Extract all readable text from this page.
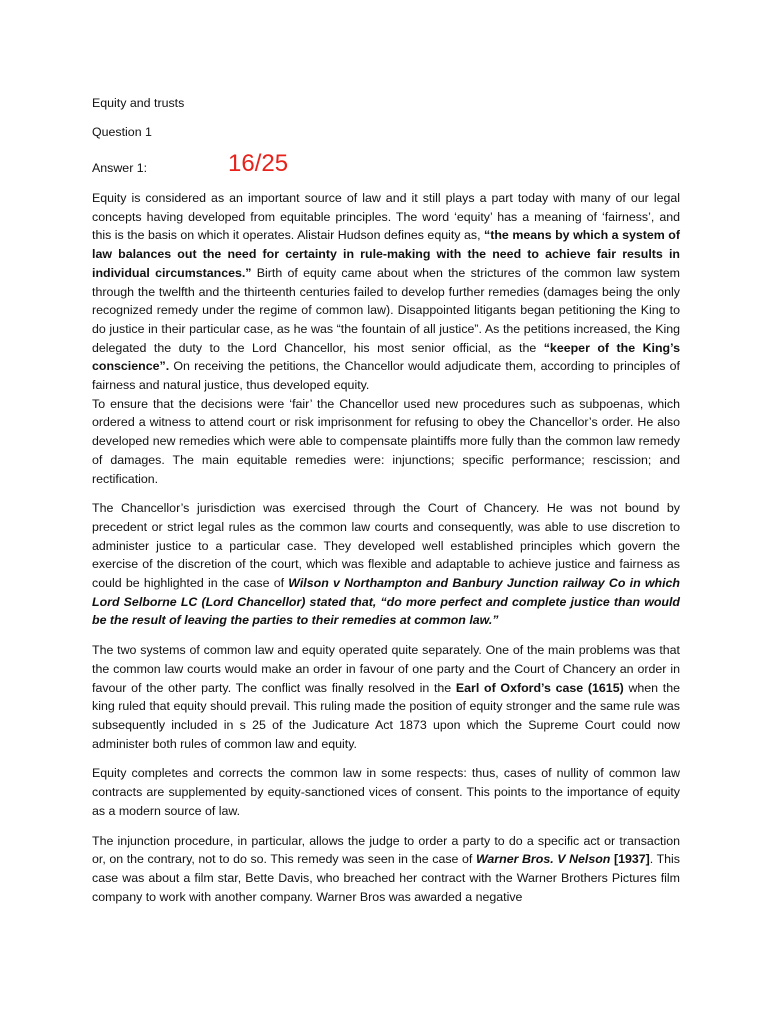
Equity and trusts

Question 1

Answer 1:	16/25

Equity is considered as an important source of law and it still plays a part today with many of our legal concepts having developed from equitable principles. The word ‘equity’ has a meaning of ‘fairness’, and this is the basis on which it operates. Alistair Hudson defines equity as, “the means by which a system of law balances out the need for certainty in rule-making with the need to achieve fair results in individual circumstances.” Birth of equity came about when the strictures of the common law system through the twelfth and the thirteenth centuries failed to develop further remedies (damages being the only recognized remedy under the regime of common law). Disappointed litigants began petitioning the King to do justice in their particular case, as he was “the fountain of all justice”. As the petitions increased, the King delegated the duty to the Lord Chancellor, his most senior official, as the “keeper of the King’s conscience”. On receiving the petitions, the Chancellor would adjudicate them, according to principles of fairness and natural justice, thus developed equity.

To ensure that the decisions were ‘fair’ the Chancellor used new procedures such as subpoenas, which ordered a witness to attend court or risk imprisonment for refusing to obey the Chancellor’s order. He also developed new remedies which were able to compensate plaintiffs more fully than the common law remedy of damages. The main equitable remedies were: injunctions; specific performance; rescission; and rectification.

The Chancellor’s jurisdiction was exercised through the Court of Chancery. He was not bound by precedent or strict legal rules as the common law courts and consequently, was able to use discretion to administer justice to a particular case. They developed well established principles which govern the exercise of the discretion of the court, which was flexible and adaptable to achieve justice and fairness as could be highlighted in the case of Wilson v Northampton and Banbury Junction railway Co in which Lord Selborne LC (Lord Chancellor) stated that, “do more perfect and complete justice than would be the result of leaving the parties to their remedies at common law.”

The two systems of common law and equity operated quite separately. One of the main problems was that the common law courts would make an order in favour of one party and the Court of Chancery an order in favour of the other party. The conflict was finally resolved in the Earl of Oxford’s case (1615) when the king ruled that equity should prevail. This ruling made the position of equity stronger and the same rule was subsequently included in s 25 of the Judicature Act 1873 upon which the Supreme Court could now administer both rules of common law and equity.

Equity completes and corrects the common law in some respects: thus, cases of nullity of common law contracts are supplemented by equity-sanctioned vices of consent. This points to the importance of equity as a modern source of law.

The injunction procedure, in particular, allows the judge to order a party to do a specific act or transaction or, on the contrary, not to do so. This remedy was seen in the case of Warner Bros. V Nelson [1937]. This case was about a film star, Bette Davis, who breached her contract with the Warner Brothers Pictures film company to work with another company. Warner Bros was awarded a negative
